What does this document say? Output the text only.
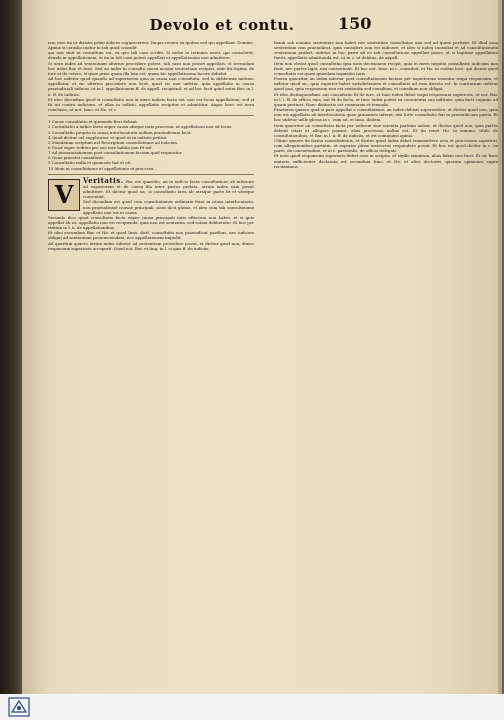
Devolo et contu.	150

non esse ita ut dixistis primi iudices cognoscerent. Itaque reuera ex quibus sed qui appellant. Domine. Aptius si consilio utatur in tali quod consulit

qui non sinit ut consultum est, ex quo tali caso scribit. Si iudex in terminis esset, qui consuleret, deinde in appellationem, et ita in tali casu potest appellari et appellationem non admittere.

Si uero iudex ad sententiam ulterius procedere potest, tali casu non posset appellari, et secundum hoc uelut Bar. et Inno. Sed an iudex in consulta causa nouam sententiam recipiat, uide ibi legitur, de iure et de cetero, si quae prius quam illa lata est, quam hic appellationem facere debebit.

Ad hoc uidetur quod quando ad superiorem quia in causa non consultata, sed in deliberata tantum, appellatur, et sic ulterius procedere non licet, quod sic non uidetur, quia appellatio in causa praeiudiciali uidetur, ut in l. appellationem ff. de appell. recipiend. et ad hoc facit quod notat Bar. in l. ii. ff. de iudiciis.

Et ideo dicendum quod si consultatio non in mero iudicio facta est, non est locus appellationi; sed si fit uti contra iudicium, et alias in iudicio, appellatio recipitur et admittitur. Atque haec est uera conclusio, ut not. Inno. et Ho. et c.

1 Cause consultatio et quomodo fieri debeat.

2 Consultatio a iudice facta super causa absque iuris processu, ut appellationi non sit locus.

3 Consultatio propria in causa interlocutoria nullum praeiudicium facit.

4 Quod dicitur uel supplicatur, et quod ut in iudiciis petitur.

5 Mandatum scriptum uel Rescriptum consultationis ad iudicem.

6 Quod super reditus pro suo iure habita non fit uel.

7 Ad pronunciationem post consultationem factam quid requiratur.

8 Quae praestet consultatio.

9 Consultatio nulla et quomodo fiat et uti.

10 Idem in consultatione et appellatione et processu.

V	Veritatis. Hoc est quaestio, an in iudicio facta consultatione ab inferiore ad superiorem et de causa illa inter partes prolata, utrum iudex eam possit admittere. Et dicitur quod sic, si consultatio iuris ab utraque parte fit et uterque consentiat.

Sed dicendum est quod cum consultationes ordinarie fiunt in causa interlocutoria, non praeiudicant causae principali, sicut dicit glossa, et ideo cum tali consultatione appellatio non est in causa.

Secundo dico quod consultatio facta super causa principali iuris effectum non habet, et si quis appellat ab ea, appellatio non est recipienda, quia non est sententia, sed solum deliberatio. Et hoc per textum in l. ii. de appellationibus.

Et ideo secundum Bar. et Ho. et quod Inno. dicit, consultatio non praeiudicat partibus, nec iudicem obligat ad sententiam pronunciandam, nec appellationem impedit.

Ad quartum quaero utrum iudex inferior ad sententiam procedere possit, et dicitur quod non, donec responsum superioris acceperit. Quod not. Bar. et Ang. in l. si quis ff. de iudiciis.

bendi sub nomine sententiae non habet nec sententiae consultatae uim sed ad quem pertinet. Et illud caso sententiam non praeiudicat, quia consulere non est iudicare; et ideo si iudex consultat et ad consultationem sententiam profert, uidetur in hac parte ab eo tali consultatione appellari posse, et si legitime appellatum fuerit, appellatio admittenda est, ut in c. ut debitus, de appell.

Item non obstat quod consultatio ipsa iuris decisionem recipit, quia in mero negotio consultatio iudicium non facit, nec partes ligat, nisi consentiant. Et hoc not. Inno. in c. consuluit, et Ho. in eodem loco, qui dicunt quod consultatio est quasi quaedam inquisitio iuris.

Postea quaeritur an iudex inferior post consultationem factam per superiorem teneatur sequi responsum, et uidetur quod sic, quia superior habet iurisdictionem et consultatio ad eum directa est. In contrarium uidetur quod non, quia responsum non est sententia sed consilium, et consilium non obligat.

Et ideo distinguendum: aut consultatio fit de iure, et tunc iudex debet sequi responsum superioris, ut not. Bar. in l. i. ff. de officio eius; aut fit de facto, et tunc iudex potest ex conscientia sua iudicare, quia facti cognitio ad ipsum pertinet. Haec distinctio est communis et tenenda.

Praeterea quaero quid si pars appellat a consultatione, an iudex debeat supersedere, et dicitur quod non, quia non est appellatio ab interlocutoria quae grauamen inferat, nisi forte consultatio fiat in praeiudicium partis. Et hoc uidetur uelle glossa in c. cum sit, et Inno. ibidem.

Item quaeritur an consultatio facta per iudicem sine scientia partium ualeat, et dicitur quod non, quia partes debent citari ut allegare possint, alias processus nullus est. Et ita tenet Ho. in summa, titulo de consultationibus, et Bar. in l. ii. ff. de iudiciis, et est communis opinio.

Ultimo quaero de forma consultationis, et dicitur quod iudex debet transmittere acta et processum superiori, cum allegationibus partium, ut superior plene instructus respondere possit. Et hoc est quod dicitur in c. ex parte, de consuetudine, et in c. pastoralis, de officio delegati.

Et nota quod responsum superioris debet esse in scriptis, et sigillo munitum, alias fidem non facit. Et sic haec materia sufficienter declarata est secundum Inno. et Ho. et alios doctores, quorum opiniones supra recitauimus.
